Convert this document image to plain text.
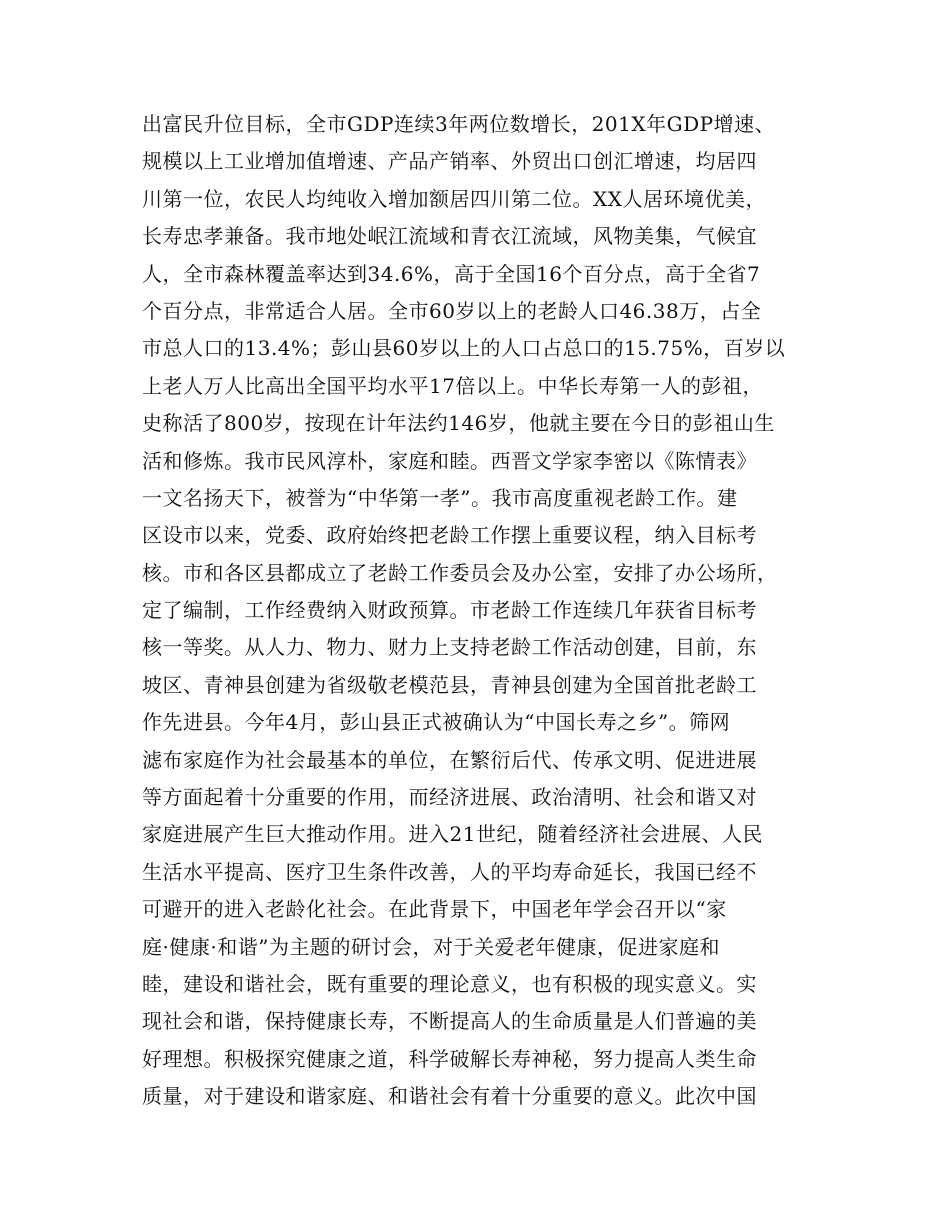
出富民升位目标，全市GDP连续3年两位数增长，201X年GDP增速、
规模以上工业增加值增速、产品产销率、外贸出口创汇增速，均居四
川第一位，农民人均纯收入增加额居四川第二位。XX人居环境优美，
长寿忠孝兼备。我市地处岷江流域和青衣江流域，风物美集，气候宜
人，全市森林覆盖率达到34.6%，高于全国16个百分点，高于全省7
个百分点，非常适合人居。全市60岁以上的老龄人口46.38万，占全
市总人口的13.4%；彭山县60岁以上的人口占总口的15.75%，百岁以
上老人万人比高出全国平均水平17倍以上。中华长寿第一人的彭祖，
史称活了800岁，按现在计年法约146岁，他就主要在今日的彭祖山生
活和修炼。我市民风淳朴，家庭和睦。西晋文学家李密以《陈情表》
一文名扬天下，被誉为“中华第一孝”。我市高度重视老龄工作。建
区设市以来，党委、政府始终把老龄工作摆上重要议程，纳入目标考
核。市和各区县都成立了老龄工作委员会及办公室，安排了办公场所，
定了编制，工作经费纳入财政预算。市老龄工作连续几年获省目标考
核一等奖。从人力、物力、财力上支持老龄工作活动创建，目前，东
坡区、青神县创建为省级敬老模范县，青神县创建为全国首批老龄工
作先进县。今年4月，彭山县正式被确认为“中国长寿之乡”。筛网
滤布家庭作为社会最基本的单位，在繁衍后代、传承文明、促进进展
等方面起着十分重要的作用，而经济进展、政治清明、社会和谐又对
家庭进展产生巨大推动作用。进入21世纪，随着经济社会进展、人民
生活水平提高、医疗卫生条件改善，人的平均寿命延长，我国已经不
可避开的进入老龄化社会。在此背景下，中国老年学会召开以“家
庭·健康·和谐”为主题的研讨会，对于关爱老年健康，促进家庭和
睦，建设和谐社会，既有重要的理论意义，也有积极的现实意义。实
现社会和谐，保持健康长寿，不断提高人的生命质量是人们普遍的美
好理想。积极探究健康之道，科学破解长寿神秘，努力提高人类生命
质量，对于建设和谐家庭、和谐社会有着十分重要的意义。此次中国
